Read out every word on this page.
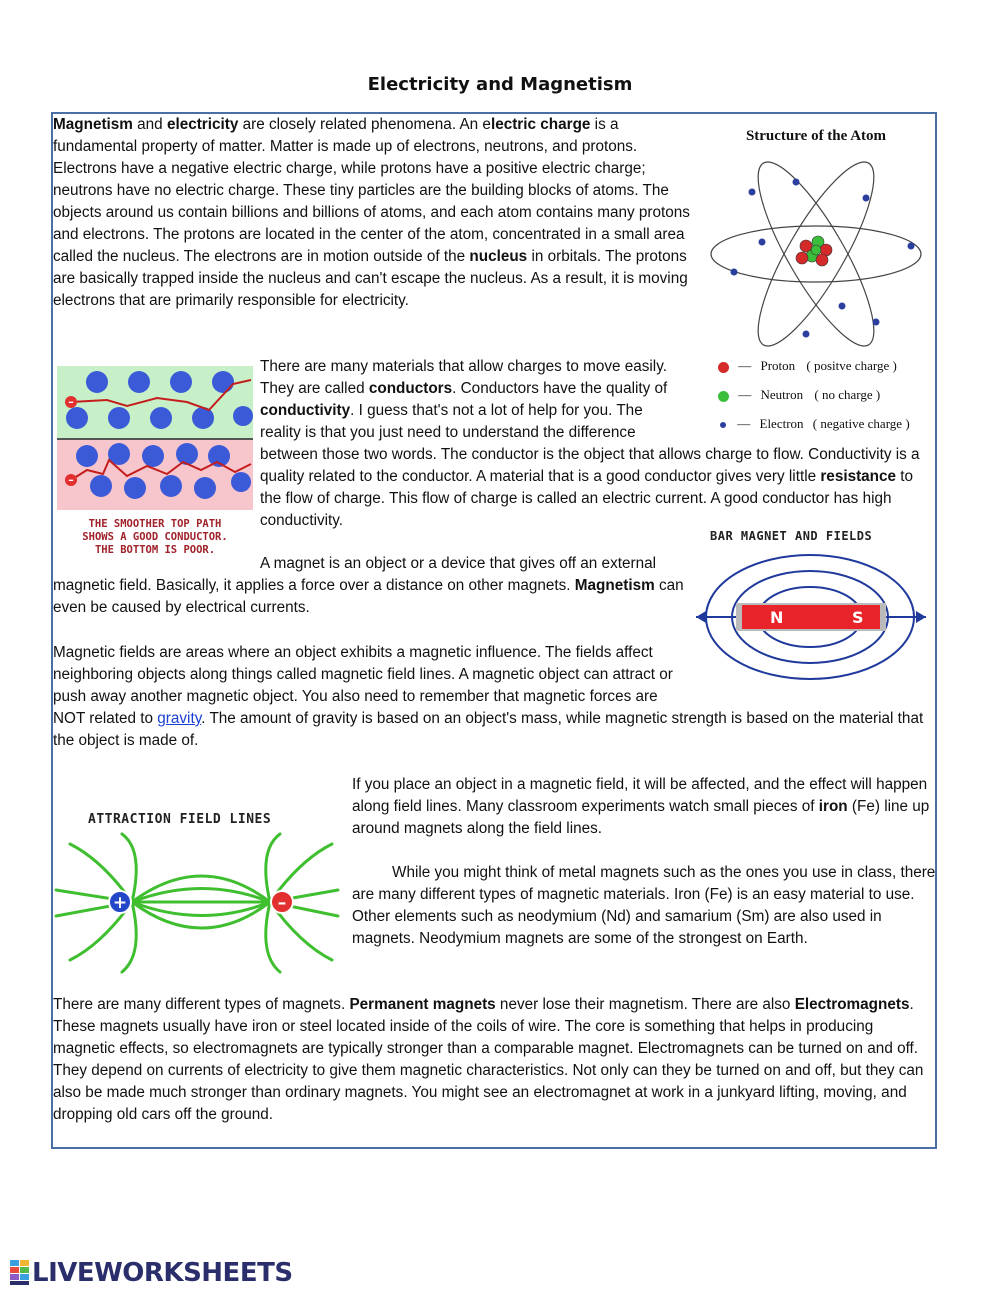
Electricity and Magnetism

Magnetism and electricity are closely related phenomena. An electric charge is a fundamental property of matter. Matter is made up of electrons, neutrons, and protons. Electrons have a negative electric charge, while protons have a positive electric charge; neutrons have no electric charge. These tiny particles are the building blocks of atoms. The objects around us contain billions and billions of atoms, and each atom contains many protons and electrons. The protons are located in the center of the atom, concentrated in a small area called the nucleus. The electrons are in motion outside of the nucleus in orbitals. The protons are basically trapped inside the nucleus and can't escape the nucleus. As a result, it is moving electrons that are primarily responsible for electricity.

Structure of the Atom
— Proton ( positve charge )
— Neutron ( no charge )
— Electron ( negative charge )
–
–
THE SMOOTHER TOP PATH
SHOWS A GOOD CONDUCTOR.
THE BOTTOM IS POOR.

There are many materials that allow charges to move easily. They are called conductors. Conductors have the quality of conductivity. I guess that's not a lot of help for you. The reality is that you just need to understand the difference between those two words. The conductor is the object that allows charge to flow. Conductivity is a quality related to the conductor. A material that is a good conductor gives very little resistance to the flow of charge. This flow of charge is called an electric current. A good conductor has high conductivity.

BAR MAGNET AND FIELDS
N	S

A magnet is an object or a device that gives off an external magnetic field. Basically, it applies a force over a distance on other magnets. Magnetism can even be caused by electrical currents.

Magnetic fields are areas where an object exhibits a magnetic influence. The fields affect neighboring objects along things called magnetic field lines. A magnetic object can attract or push away another magnetic object. You also need to remember that magnetic forces are NOT related to gravity. The amount of gravity is based on an object's mass, while magnetic strength is based on the material that the object is made of.

If you place an object in a magnetic field, it will be affected, and the effect will happen along field lines. Many classroom experiments watch small pieces of iron (Fe) line up around magnets along the field lines.

ATTRACTION FIELD LINES
+	–

While you might think of metal magnets such as the ones you use in class, there are many different types of magnetic materials. Iron (Fe) is an easy material to use. Other elements such as neodymium (Nd) and samarium (Sm) are also used in magnets. Neodymium magnets are some of the strongest on Earth.

There are many different types of magnets. Permanent magnets never lose their magnetism. There are also Electromagnets. These magnets usually have iron or steel located inside of the coils of wire. The core is something that helps in producing magnetic effects, so electromagnets are typically stronger than a comparable magnet. Electromagnets can be turned on and off. They depend on currents of electricity to give them magnetic characteristics. Not only can they be turned on and off, but they can also be made much stronger than ordinary magnets. You might see an electromagnet at work in a junkyard lifting, moving, and dropping old cars off the ground.

LIVEWORKSHEETS
